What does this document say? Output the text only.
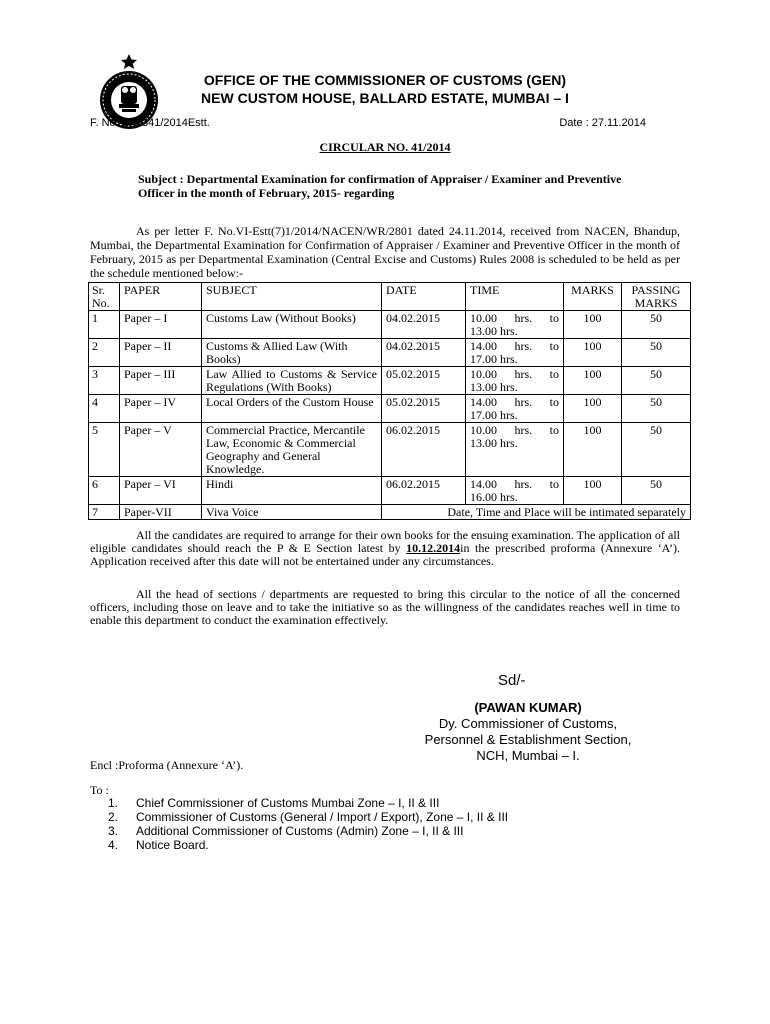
OFFICE OF THE COMMISSIONER OF CUSTOMS (GEN)
NEW CUSTOM HOUSE, BALLARD ESTATE, MUMBAI – I
F. No. S/5-341/2014Estt.	Date : 27.11.2014
CIRCULAR NO. 41/2014
Subject : Departmental Examination for confirmation of Appraiser / Examiner and Preventive Officer in the month of February, 2015- regarding
As per letter F. No.VI-Estt(7)1/2014/NACEN/WR/2801 dated 24.11.2014, received from NACEN, Bhandup, Mumbai, the Departmental Examination for Confirmation of Appraiser / Examiner and Preventive Officer in the month of February, 2015 as per Departmental Examination (Central Excise and Customs) Rules 2008 is scheduled to be held as per the schedule mentioned below:-
Sr. No.	PAPER	SUBJECT	DATE	TIME	MARKS	PASSING MARKS
1	Paper – I	Customs Law (Without Books)	04.02.2015	10.00 hrs. to 13.00 hrs.	100	50
2	Paper – II	Customs & Allied Law (With Books)	04.02.2015	14.00 hrs. to 17.00 hrs.	100	50
3	Paper – III	Law Allied to Customs & Service Regulations (With Books)	05.02.2015	10.00 hrs. to 13.00 hrs.	100	50
4	Paper – IV	Local Orders of the Custom House	05.02.2015	14.00 hrs. to 17.00 hrs.	100	50
5	Paper – V	Commercial Practice, Mercantile Law, Economic & Commercial Geography and General Knowledge.	06.02.2015	10.00 hrs. to 13.00 hrs.	100	50
6	Paper – VI	Hindi	06.02.2015	14.00 hrs. to 16.00 hrs.	100	50
7	Paper-VII	Viva Voice	Date, Time and Place will be intimated separately			
All the candidates are required to arrange for their own books for the ensuing examination. The application of all eligible candidates should reach the P & E Section latest by 10.12.2014in the prescribed proforma (Annexure ‘A’). Application received after this date will not be entertained under any circumstances.
All the head of sections / departments are requested to bring this circular to the notice of all the concerned officers, including those on leave and to take the initiative so as the willingness of the candidates reaches well in time to enable this department to conduct the examination effectively.
Sd/-
(PAWAN KUMAR)
Dy. Commissioner of Customs,
Personnel & Establishment Section,
NCH, Mumbai – I.
Encl :Proforma (Annexure ‘A’).
To :
1. Chief Commissioner of Customs Mumbai Zone – I, II & III
2. Commissioner of Customs (General / Import / Export), Zone – I, II & III
3. Additional Commissioner of Customs (Admin) Zone – I, II & III
4. Notice Board.
